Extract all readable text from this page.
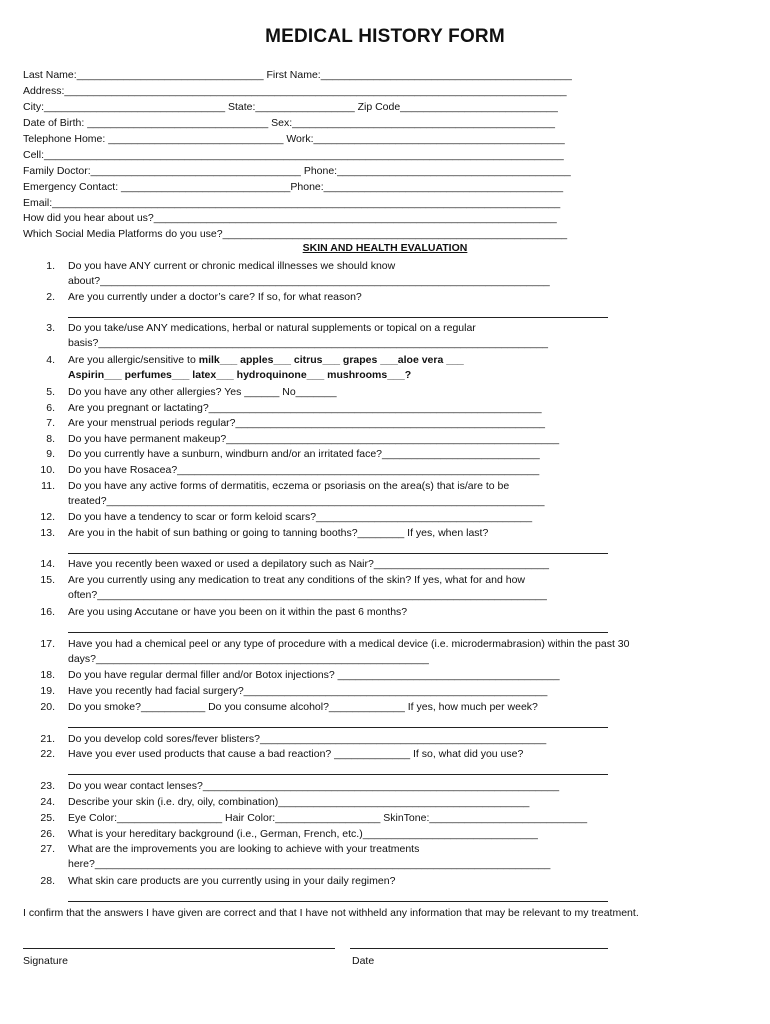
MEDICAL HISTORY FORM
Last Name:________________________________ First Name:___________________________________________
Address:______________________________________________________________________________________
City:_______________________________ State:_________________ Zip Code___________________________
Date of Birth: _______________________________ Sex:_____________________________________________
Telephone Home: ______________________________ Work:___________________________________________
Cell:_________________________________________________________________________________________
Family Doctor:____________________________________ Phone:________________________________________
Emergency Contact: _____________________________Phone:_________________________________________
Email:_______________________________________________________________________________________
How did you hear about us?_____________________________________________________________________
Which Social Media Platforms do you use?___________________________________________________________
SKIN AND HEALTH EVALUATION
1. Do you have ANY current or chronic medical illnesses we should know
about?_____________________________________________________________________________
2. Are you currently under a doctor’s care? If so, for what reason?
3. Do you take/use ANY medications, herbal or natural supplements or topical on a regular
basis?_____________________________________________________________________________
4. Are you allergic/sensitive to milk___ apples___ citrus___ grapes ___aloe vera ___
Aspirin___ perfumes___ latex___ hydroquinone___ mushrooms___?
5. Do you have any other allergies? Yes ______ No_______
6. Are you pregnant or lactating?_________________________________________________________
7. Are your menstrual periods regular?_____________________________________________________
8. Do you have permanent makeup?_________________________________________________________
9. Do you currently have a sunburn, windburn and/or an irritated face?___________________________
10. Do you have Rosacea?______________________________________________________________
11. Do you have any active forms of dermatitis, eczema or psoriasis on the area(s) that is/are to be
treated?___________________________________________________________________________
12. Do you have a tendency to scar or form keloid scars?_____________________________________
13. Are you in the habit of sun bathing or going to tanning booths?________ If yes, when last?
14. Have you recently been waxed or used a depilatory such as Nair?______________________________
15. Are you currently using any medication to treat any conditions of the skin? If yes, what for and how
often?_____________________________________________________________________________
16. Are you using Accutane or have you been on it within the past 6 months?
17. Have you had a chemical peel or any type of procedure with a medical device (i.e. microdermabrasion) within the past 30
days?_________________________________________________________
18. Do you have regular dermal filler and/or Botox injections? ______________________________________
19. Have you recently had facial surgery?____________________________________________________
20. Do you smoke?___________ Do you consume alcohol?_____________ If yes, how much per week?
21. Do you develop cold sores/fever blisters?_________________________________________________
22. Have you ever used products that cause a bad reaction? _____________ If so, what did you use?
23. Do you wear contact lenses?_____________________________________________________________
24. Describe your skin (i.e. dry, oily, combination)___________________________________________
25. Eye Color:__________________ Hair Color:__________________ SkinTone:___________________________
26. What is your hereditary background (i.e., German, French, etc.)______________________________
27. What are the improvements you are looking to achieve with your treatments
here?______________________________________________________________________________
28. What skin care products are you currently using in your daily regimen?
I confirm that the answers I have given are correct and that I have not withheld any information that may be relevant to my treatment.
Signature	Date
